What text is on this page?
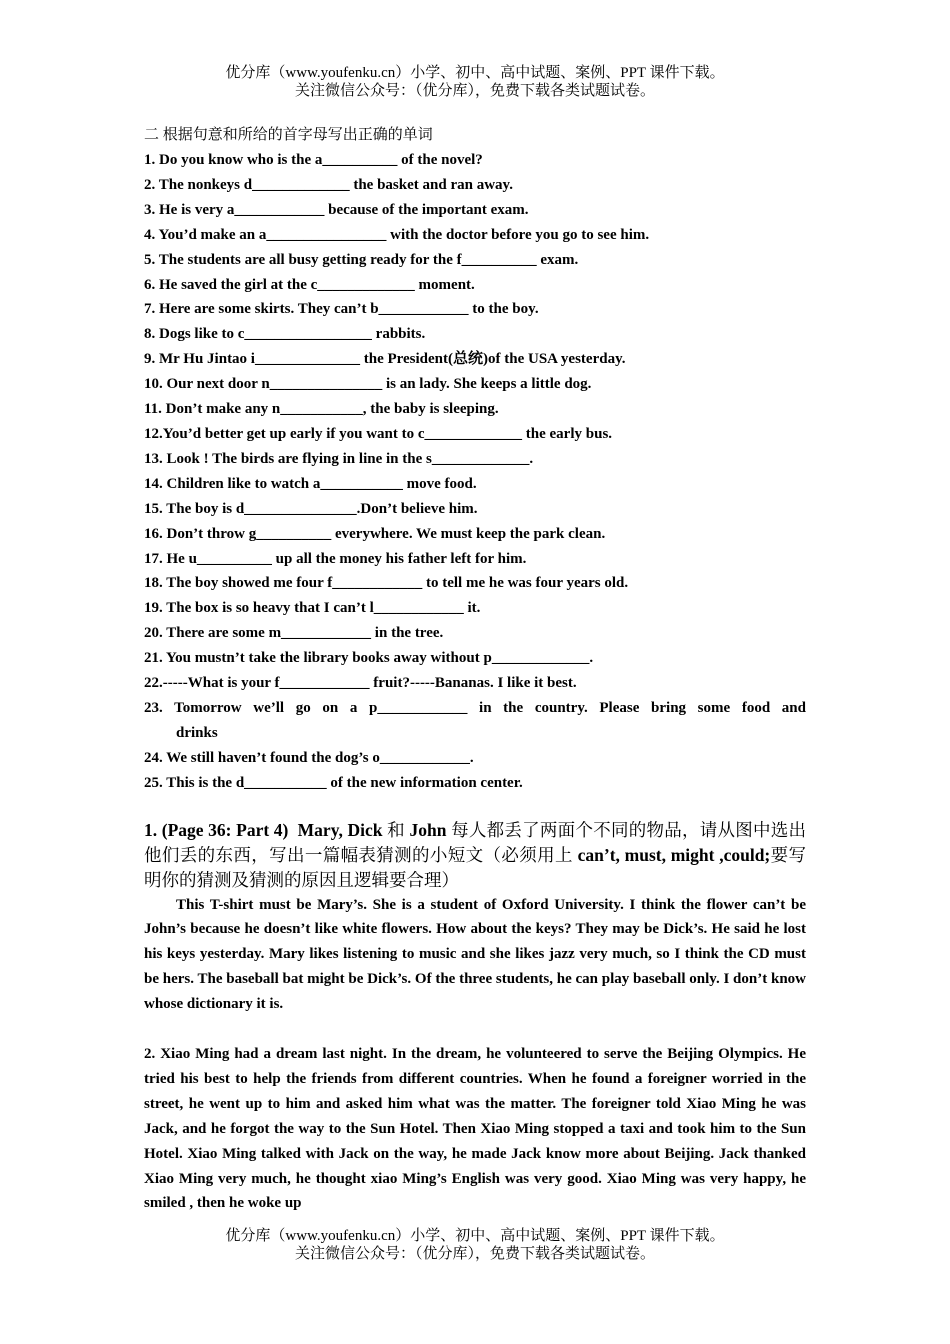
优分库（www.youfenku.cn）小学、初中、高中试题、案例、PPT 课件下载。
关注微信公众号：（优分库），免费下载各类试题试卷。

二 根据句意和所给的首字母写出正确的单词

1. Do you know who is the a__________ of the novel?

2. The nonkeys d_____________ the basket and ran away.

3. He is very a____________ because of the important exam.

4. You’d make an a________________ with the doctor before you go to see him.

5. The students are all busy getting ready for the f__________ exam.

6. He saved the girl at the c_____________ moment.

7. Here are some skirts. They can’t b____________ to the boy.

8. Dogs like to c_________________ rabbits.

9. Mr Hu Jintao i______________ the President(总统)of the USA yesterday.

10. Our next door n_______________ is an lady. She keeps a little dog.

11. Don’t make any n___________, the baby is sleeping.

12.You’d better get up early if you want to c_____________ the early bus.

13. Look ! The birds are flying in line in the s_____________.

14. Children like to watch a___________ move food.

15. The boy is d_______________.Don’t believe him.

16. Don’t throw g__________ everywhere. We must keep the park clean.

17. He u__________ up all the money his father left for him.

18. The boy showed me four f____________ to tell me he was four years old.

19. The box is so heavy that I can’t l____________ it.

20. There are some m____________ in the tree.

21. You mustn’t take the library books away without p_____________.

22.-----What is your f____________ fruit?-----Bananas. I like it best.

23. Tomorrow we’ll go on a p____________ in the country. Please bring some food and

drinks

24. We still haven’t found the dog’s o____________.

25. This is the d___________ of the new information center.

1. (Page 36: Part 4) Mary, Dick 和 John 每人都丢了两面个不同的物品，请从图中选出他们丢的东西，写出一篇幅表猜测的小短文（必须用上 can’t, must, might ,could;要写明你的猜测及猜测的原因且逻辑要合理）

This T-shirt must be Mary’s. She is a student of Oxford University. I think the flower can’t be John’s because he doesn’t like white flowers. How about the keys? They may be Dick’s. He said he lost his keys yesterday. Mary likes listening to music and she likes jazz very much, so I think the CD must be hers. The baseball bat might be Dick’s. Of the three students, he can play baseball only. I don’t know whose dictionary it is.

2. Xiao Ming had a dream last night. In the dream, he volunteered to serve the Beijing Olympics. He tried his best to help the friends from different countries. When he found a foreigner worried in the street, he went up to him and asked him what was the matter. The foreigner told Xiao Ming he was Jack, and he forgot the way to the Sun Hotel. Then Xiao Ming stopped a taxi and took him to the Sun Hotel. Xiao Ming talked with Jack on the way, he made Jack know more about Beijing. Jack thanked Xiao Ming very much, he thought xiao Ming’s English was very good. Xiao Ming was very happy, he smiled , then he woke up

优分库（www.youfenku.cn）小学、初中、高中试题、案例、PPT 课件下载。
关注微信公众号：（优分库），免费下载各类试题试卷。
